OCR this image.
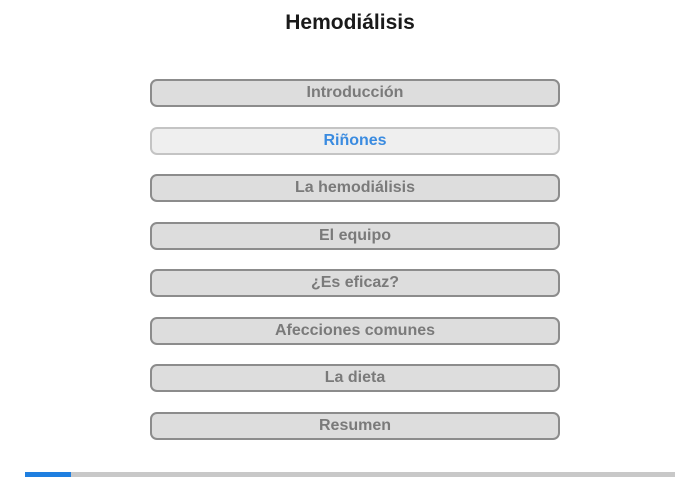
Hemodiálisis
Introducción
Riñones
La hemodiálisis
El equipo
¿Es eficaz?
Afecciones comunes
La dieta
Resumen
